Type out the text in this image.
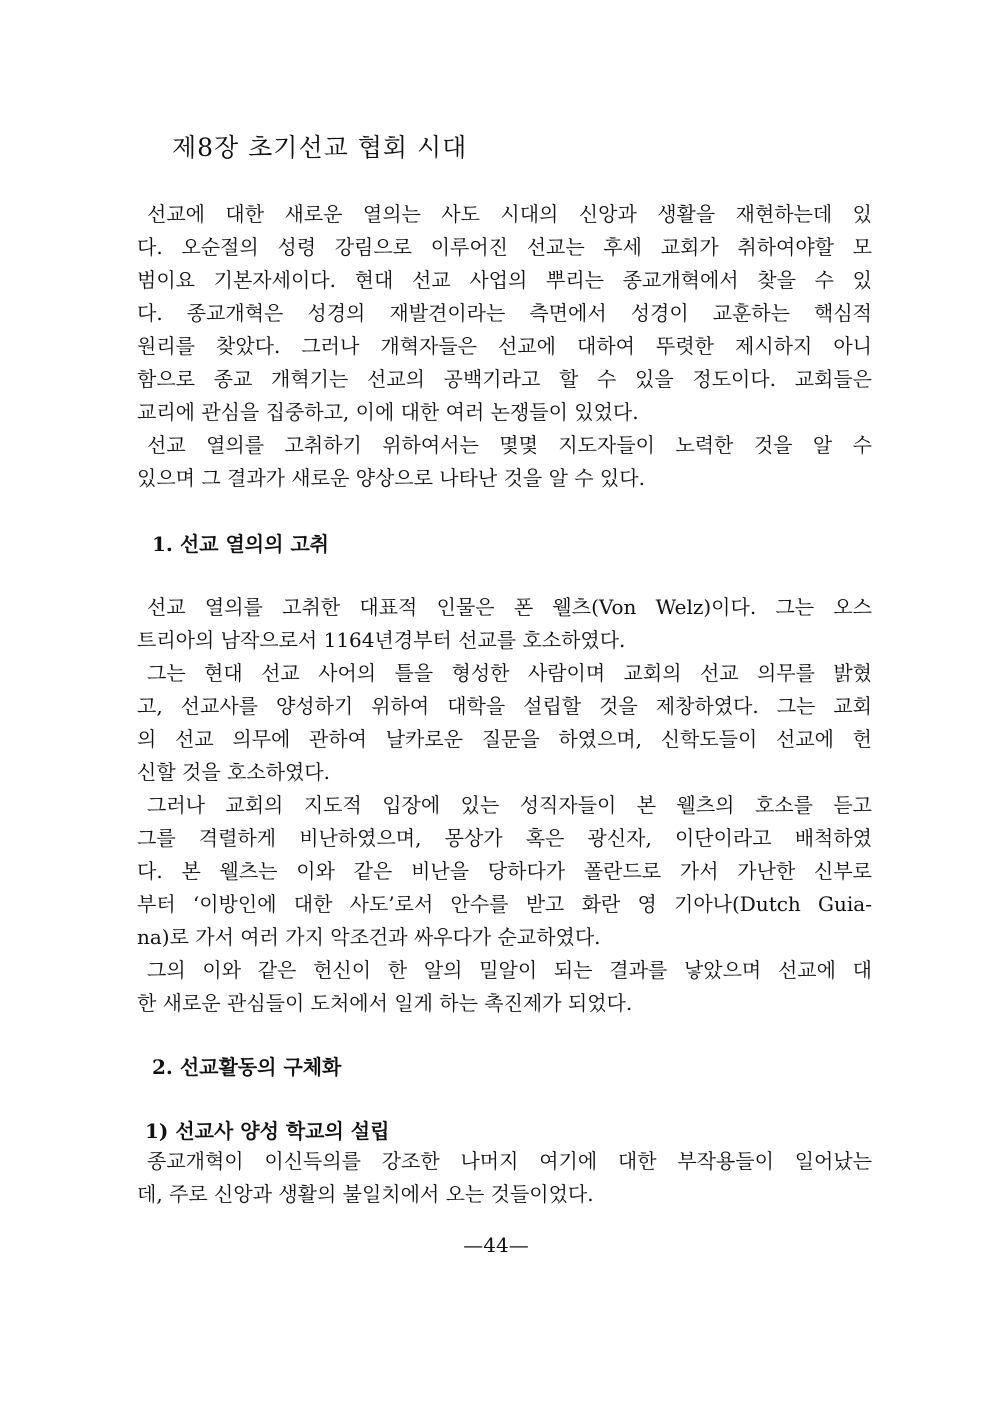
제8장 초기선교 협회 시대

선교에 대한 새로운 열의는 사도 시대의 신앙과 생활을 재현하는데 있

다. 오순절의 성령 강림으로 이루어진 선교는 후세 교회가 취하여야할 모

범이요 기본자세이다. 현대 선교 사업의 뿌리는 종교개혁에서 찾을 수 있

다. 종교개혁은 성경의 재발견이라는 측면에서 성경이 교훈하는 핵심적

원리를 찾았다. 그러나 개혁자들은 선교에 대하여 뚜렷한 제시하지 아니

함으로 종교 개혁기는 선교의 공백기라고 할 수 있을 정도이다. 교회들은

교리에 관심을 집중하고, 이에 대한 여러 논쟁들이 있었다.

선교 열의를 고취하기 위하여서는 몇몇 지도자들이 노력한 것을 알 수

있으며 그 결과가 새로운 양상으로 나타난 것을 알 수 있다.

1. 선교 열의의 고취

선교 열의를 고취한 대표적 인물은 폰 웰츠(Von Welz)이다. 그는 오스

트리아의 남작으로서 1164년경부터 선교를 호소하였다.

그는 현대 선교 사어의 틀을 형성한 사람이며 교회의 선교 의무를 밝혔

고, 선교사를 양성하기 위하여 대학을 설립할 것을 제창하였다. 그는 교회

의 선교 의무에 관하여 날카로운 질문을 하였으며, 신학도들이 선교에 헌

신할 것을 호소하였다.

그러나 교회의 지도적 입장에 있는 성직자들이 본 웰츠의 호소를 듣고

그를 격렬하게 비난하였으며, 몽상가 혹은 광신자, 이단이라고 배척하였

다. 본 웰츠는 이와 같은 비난을 당하다가 폴란드로 가서 가난한 신부로

부터 ‘이방인에 대한 사도’로서 안수를 받고 화란 영 기아나(Dutch Guia-

na)로 가서 여러 가지 악조건과 싸우다가 순교하였다.

그의 이와 같은 헌신이 한 알의 밀알이 되는 결과를 낳았으며 선교에 대

한 새로운 관심들이 도처에서 일게 하는 촉진제가 되었다.

2. 선교활동의 구체화
1) 선교사 양성 학교의 설립

종교개혁이 이신득의를 강조한 나머지 여기에 대한 부작용들이 일어났는

데, 주로 신앙과 생활의 불일치에서 오는 것들이었다.

—44—
